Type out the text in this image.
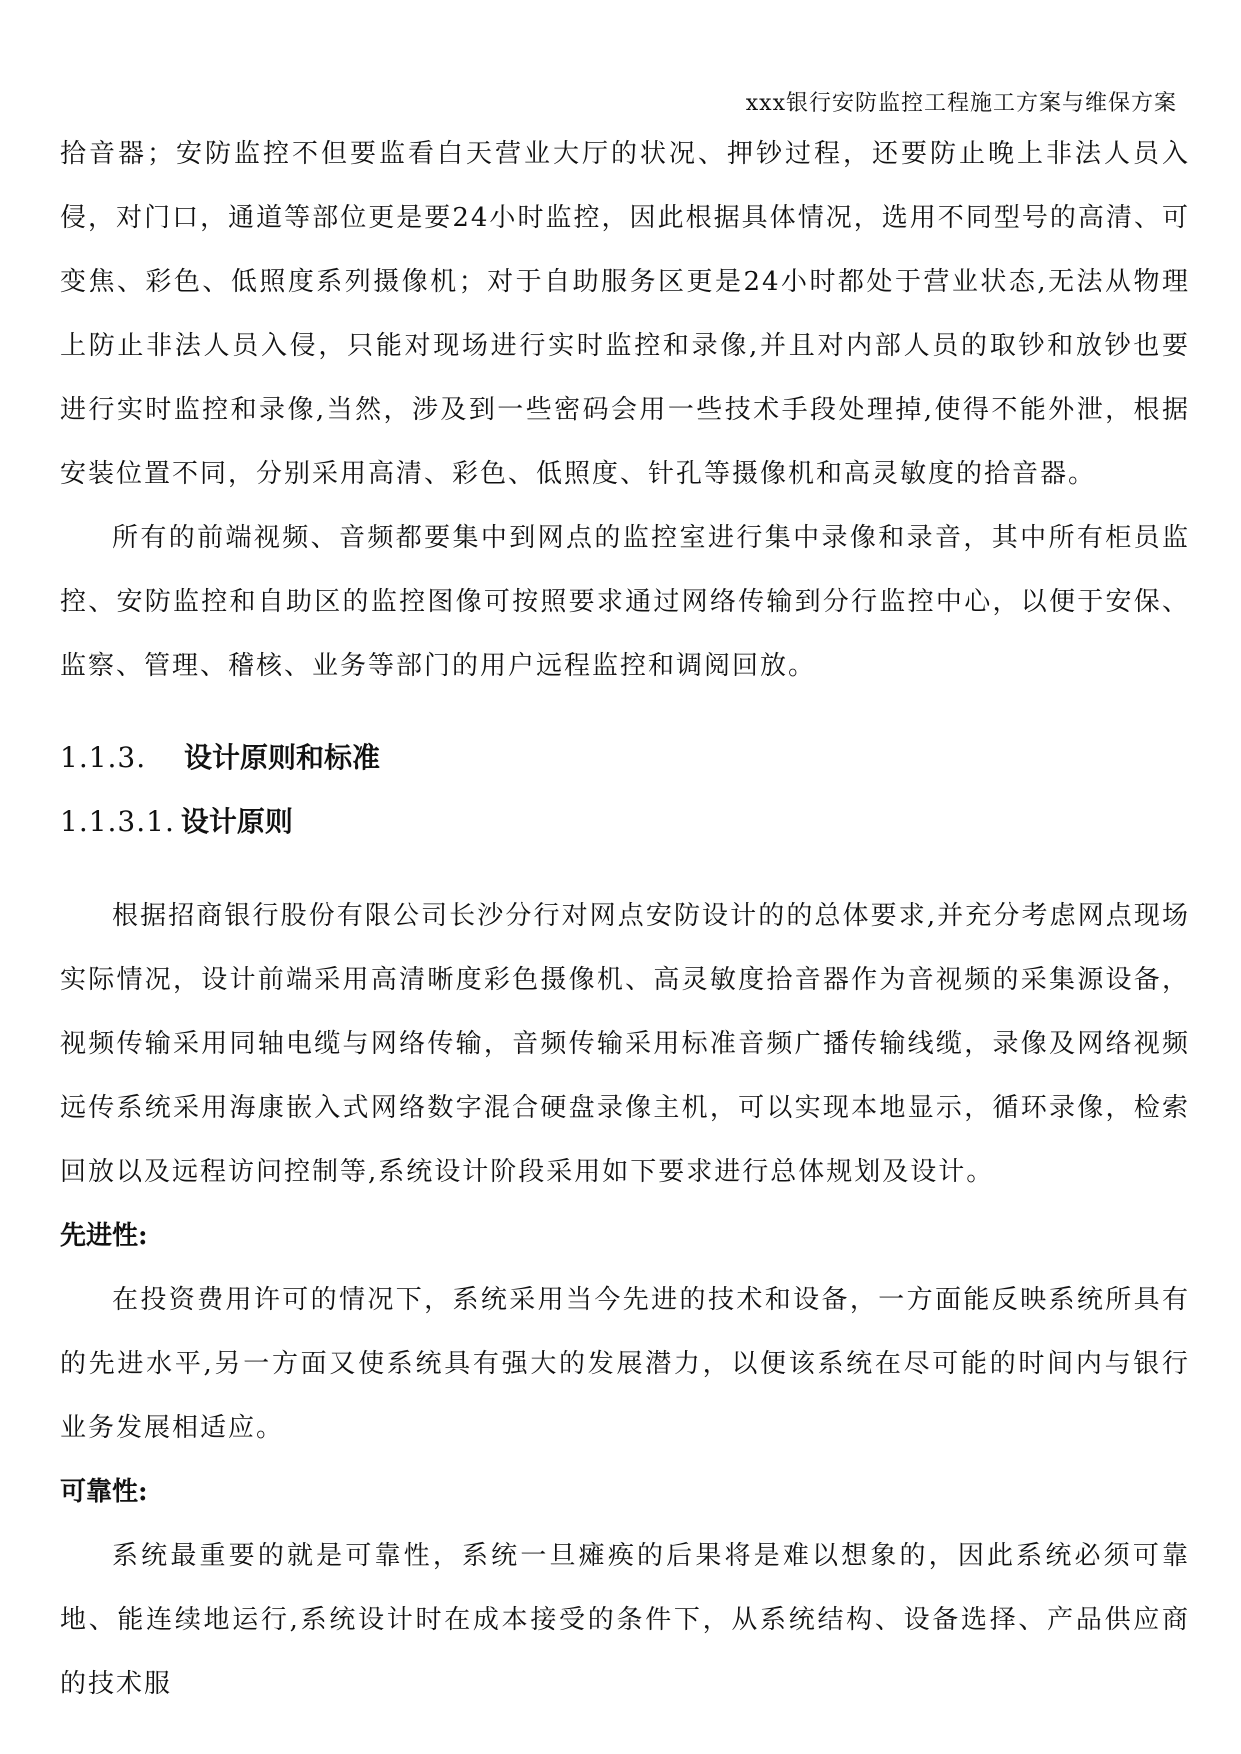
xxx银行安防监控工程施工方案与维保方案

拾音器；安防监控不但要监看白天营业大厅的状况、押钞过程，还要防止晚上非法人员入侵，对门口，通道等部位更是要24小时监控，因此根据具体情况，选用不同型号的高清、可变焦、彩色、低照度系列摄像机；对于自助服务区更是24小时都处于营业状态,无法从物理上防止非法人员入侵，只能对现场进行实时监控和录像,并且对内部人员的取钞和放钞也要进行实时监控和录像,当然，涉及到一些密码会用一些技术手段处理掉,使得不能外泄，根据安装位置不同，分别采用高清、彩色、低照度、针孔等摄像机和高灵敏度的拾音器。

所有的前端视频、音频都要集中到网点的监控室进行集中录像和录音，其中所有柜员监控、安防监控和自助区的监控图像可按照要求通过网络传输到分行监控中心，以便于安保、监察、管理、稽核、业务等部门的用户远程监控和调阅回放。

1.1.3. 设计原则和标准
1.1.3.1. 设计原则

根据招商银行股份有限公司长沙分行对网点安防设计的的总体要求,并充分考虑网点现场实际情况，设计前端采用高清晰度彩色摄像机、高灵敏度拾音器作为音视频的采集源设备，视频传输采用同轴电缆与网络传输，音频传输采用标准音频广播传输线缆，录像及网络视频远传系统采用海康嵌入式网络数字混合硬盘录像主机，可以实现本地显示，循环录像，检索回放以及远程访问控制等,系统设计阶段采用如下要求进行总体规划及设计。

先进性:

在投资费用许可的情况下，系统采用当今先进的技术和设备，一方面能反映系统所具有的先进水平,另一方面又使系统具有强大的发展潜力，以便该系统在尽可能的时间内与银行业务发展相适应。

可靠性:

系统最重要的就是可靠性，系统一旦瘫痪的后果将是难以想象的，因此系统必须可靠地、能连续地运行,系统设计时在成本接受的条件下，从系统结构、设备选择、产品供应商的技术服
